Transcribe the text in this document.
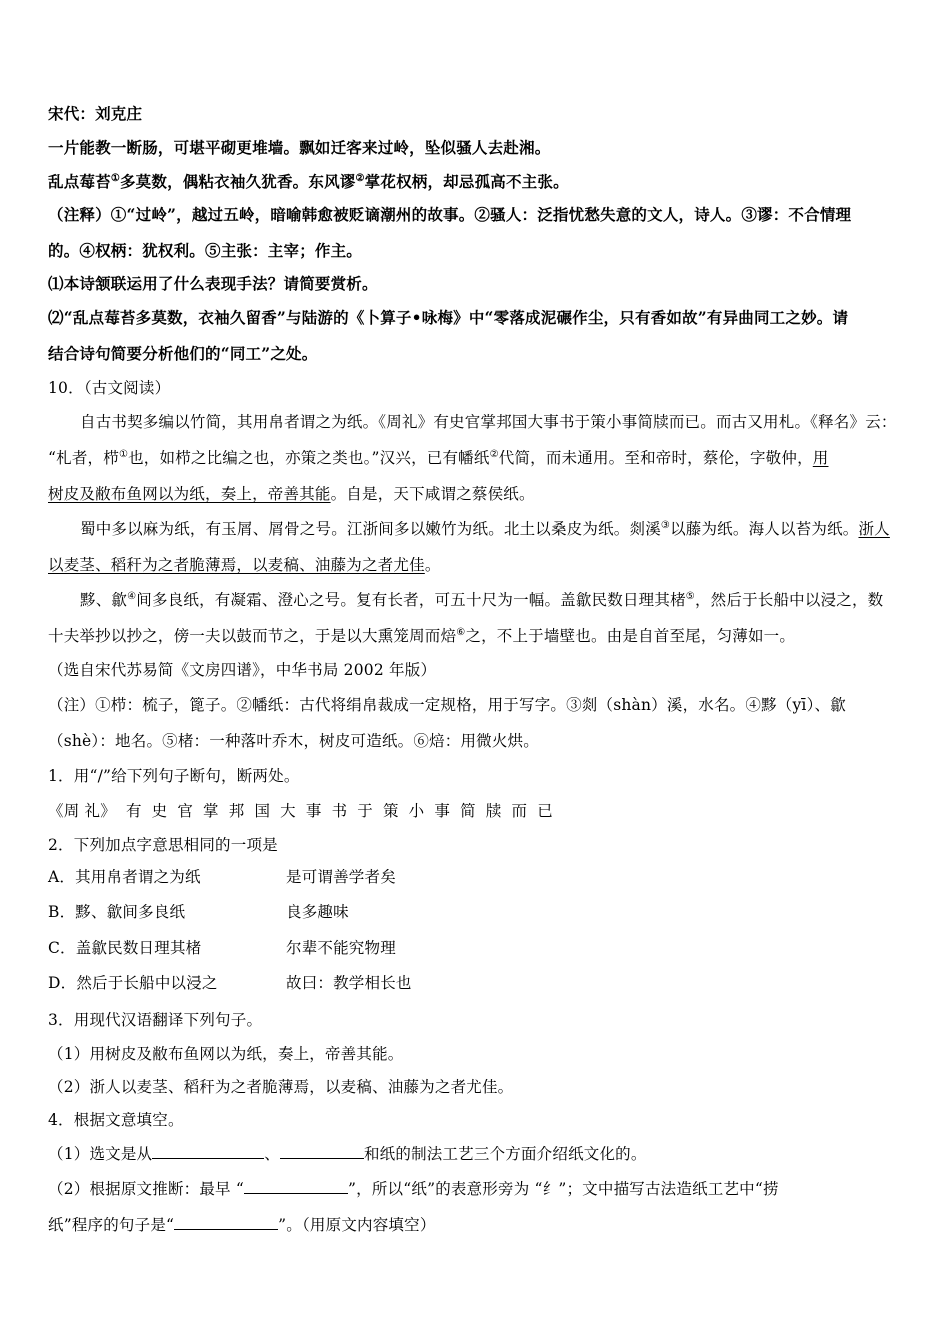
宋代：刘克庄
一片能教一断肠，可堪平砌更堆墙。飘如迁客来过岭，坠似骚人去赴湘。
乱点莓苔①多莫数，偶粘衣袖久犹香。东风谬②掌花权柄，却忌孤高不主张。
（注释）①“过岭”，越过五岭，暗喻韩愈被贬谪潮州的故事。②骚人：泛指忧愁失意的文人，诗人。③谬：不合情理
的。④权柄：犹权利。⑤主张：主宰；作主。
⑴本诗颔联运用了什么表现手法？请简要赏析。
⑵“乱点莓苔多莫数，衣袖久留香”与陆游的《卜算子•咏梅》中“零落成泥碾作尘，只有香如故”有异曲同工之妙。请
结合诗句简要分析他们的“同工”之处。
10．（古文阅读）
自古书契多编以竹简，其用帛者谓之为纸。《周礼》有史官掌邦国大事书于策小事简牍而已。而古又用札。《释名》云：
“札者，栉①也，如栉之比编之也，亦策之类也。”汉兴，已有幡纸②代简，而未通用。至和帝时，蔡伦，字敬仲，用
树皮及敝布鱼网以为纸，奏上，帝善其能。自是，天下咸谓之蔡侯纸。
蜀中多以麻为纸，有玉屑、屑骨之号。江浙间多以嫩竹为纸。北土以桑皮为纸。剡溪③以藤为纸。海人以苔为纸。浙人
以麦茎、稻秆为之者脆薄焉，以麦稿、油藤为之者尤佳。
黟、歙④间多良纸，有凝霜、澄心之号。复有长者，可五十尺为一幅。盖歙民数日理其楮⑤，然后于长船中以浸之，数
十夫举抄以抄之，傍一夫以鼓而节之，于是以大熏笼周而焙⑥之，不上于墙壁也。由是自首至尾，匀薄如一。
（选自宋代苏易简《文房四谱》，中华书局 2002 年版）
（注）①栉：梳子，篦子。②幡纸：古代将绢帛裁成一定规格，用于写字。③剡（shàn）溪，水名。④黟（yī）、歙
（shè）：地名。⑤楮：一种落叶乔木，树皮可造纸。⑥焙：用微火烘。
1．用“/”给下列句子断句，断两处。
《周 礼》 有 史 官 掌 邦 国 大 事 书 于 策 小 事 简 牍 而 已
2．下列加点字意思相同的一项是
A．其用帛者谓之为纸	是可谓善学者矣
B．黟、歙间多良纸	良多趣味
C．盖歙民数日理其楮	尔辈不能究物理
D．然后于长船中以浸之	故曰：教学相长也
3．用现代汉语翻译下列句子。
（1）用树皮及敝布鱼网以为纸，奏上，帝善其能。
（2）浙人以麦茎、稻秆为之者脆薄焉，以麦稿、油藤为之者尤佳。
4．根据文意填空。
（1）选文是从	、	和纸的制法工艺三个方面介绍纸文化的。
（2）根据原文推断：最早 “	”，所以“纸”的表意形旁为 “纟”；文中描写古法造纸工艺中“捞
纸”程序的句子是“	”。（用原文内容填空）
